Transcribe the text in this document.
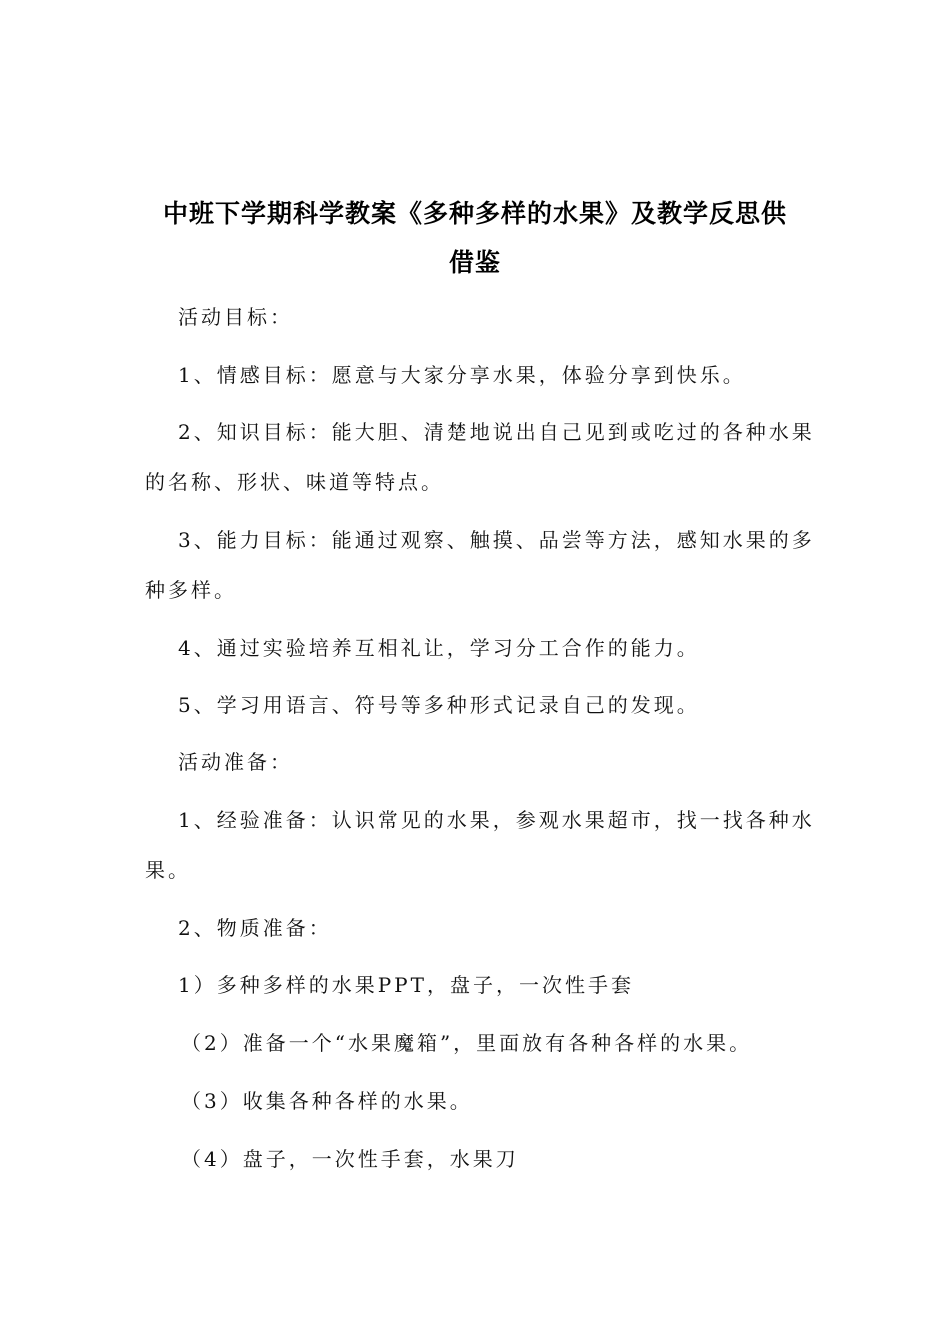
中班下学期科学教案《多种多样的水果》及教学反思供
借鉴
活动目标：
1、情感目标：愿意与大家分享水果，体验分享到快乐。
2、知识目标：能大胆、清楚地说出自己见到或吃过的各种水果
的名称、形状、味道等特点。
3、能力目标：能通过观察、触摸、品尝等方法，感知水果的多
种多样。
4、通过实验培养互相礼让，学习分工合作的能力。
5、学习用语言、符号等多种形式记录自己的发现。
活动准备：
1、经验准备：认识常见的水果，参观水果超市，找一找各种水
果。
2、物质准备：
1）多种多样的水果PPT，盘子，一次性手套
（2）准备一个“水果魔箱”，里面放有各种各样的水果。
（3）收集各种各样的水果。
（4）盘子，一次性手套，水果刀
